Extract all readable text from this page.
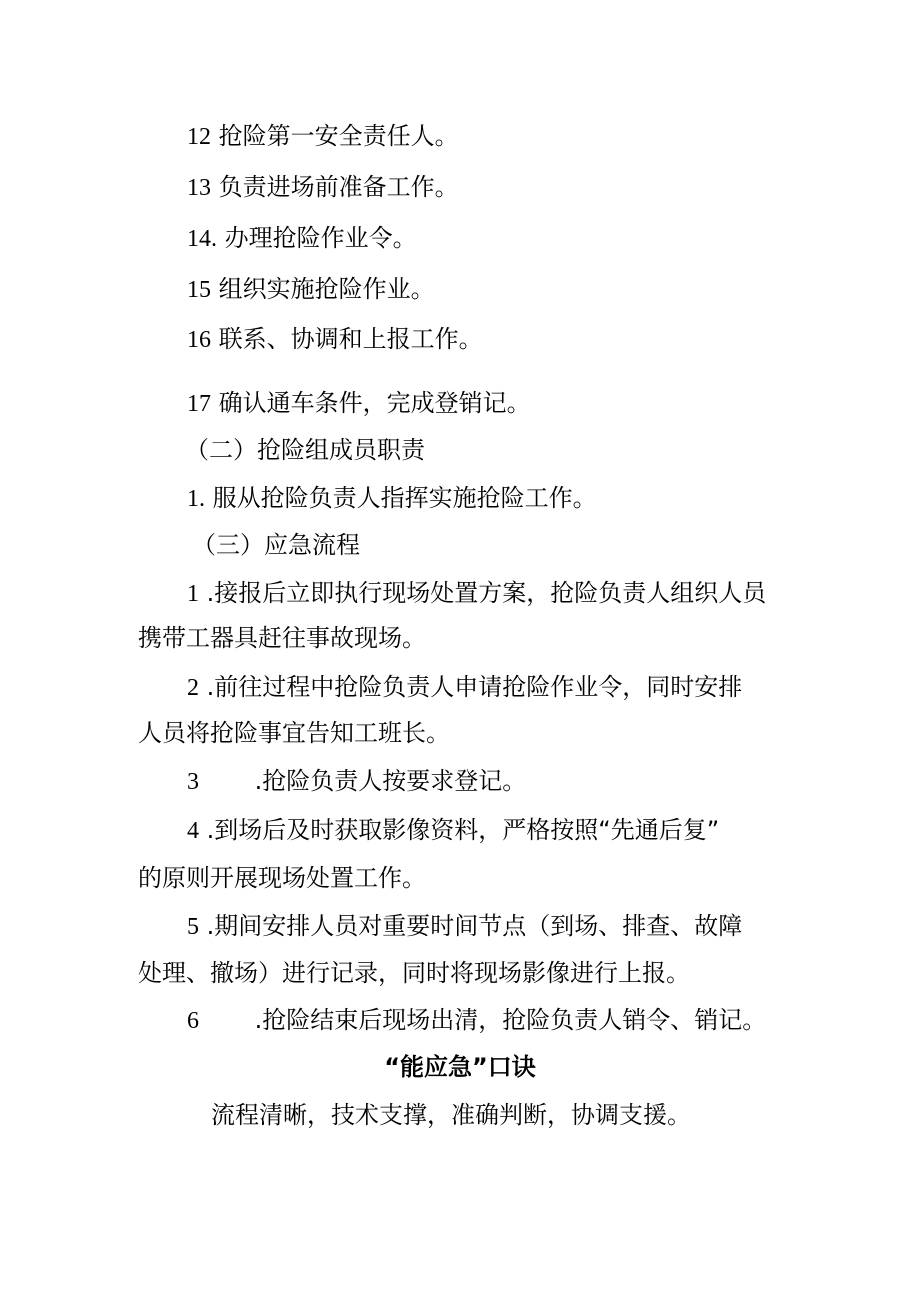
12 抢险第一安全责任人。
13 负责进场前准备工作。
14. 办理抢险作业令。
15 组织实施抢险作业。
16 联系、协调和上报工作。
17 确认通车条件，完成登销记。
（二）抢险组成员职责
1. 服从抢险负责人指挥实施抢险工作。
（三）应急流程
1 .接报后立即执行现场处置方案，抢险负责人组织人员
携带工器具赶往事故现场。
2 .前往过程中抢险负责人申请抢险作业令，同时安排
人员将抢险事宜告知工班长。
3 .抢险负责人按要求登记。
4 .到场后及时获取影像资料，严格按照“先通后复”
的原则开展现场处置工作。
5 .期间安排人员对重要时间节点（到场、排查、故障
处理、撤场）进行记录，同时将现场影像进行上报。
6 .抢险结束后现场出清，抢险负责人销令、销记。
“能应急”口诀
流程清晰，技术支撑，准确判断，协调支援。
